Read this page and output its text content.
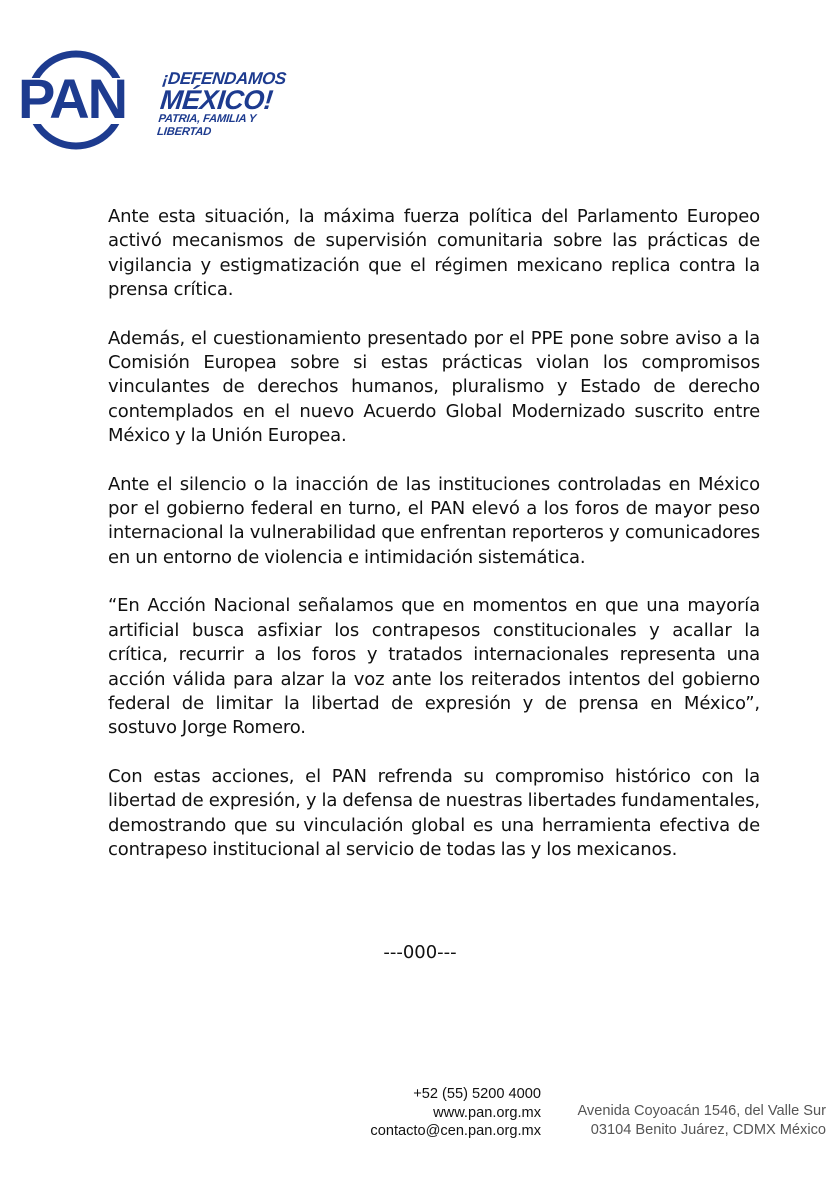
PAN ¡DEFENDAMOS
MÉXICO!
PATRIA, FAMILIA Y LIBERTAD

Ante esta situación, la máxima fuerza política del Parlamento Europeo activó mecanismos de supervisión comunitaria sobre las prácticas de vigilancia y estigmatización que el régimen mexicano replica contra la prensa crítica.

Además, el cuestionamiento presentado por el PPE pone sobre aviso a la Comisión Europea sobre si estas prácticas violan los compromisos vinculantes de derechos humanos, pluralismo y Estado de derecho contemplados en el nuevo Acuerdo Global Modernizado suscrito entre México y la Unión Europea.

Ante el silencio o la inacción de las instituciones controladas en México por el gobierno federal en turno, el PAN elevó a los foros de mayor peso internacional la vulnerabilidad que enfrentan reporteros y comunicadores en un entorno de violencia e intimidación sistemática.

“En Acción Nacional señalamos que en momentos en que una mayoría artificial busca asfixiar los contrapesos constitucionales y acallar la crítica, recurrir a los foros y tratados internacionales representa una acción válida para alzar la voz ante los reiterados intentos del gobierno federal de limitar la libertad de expresión y de prensa en México”, sostuvo Jorge Romero.

Con estas acciones, el PAN refrenda su compromiso histórico con la libertad de expresión, y la defensa de nuestras libertades fundamentales, demostrando que su vinculación global es una herramienta efectiva de contrapeso institucional al servicio de todas las y los mexicanos.

---000---
+52 (55) 5200 4000
www.pan.org.mx
contacto@cen.pan.org.mx
Avenida Coyoacán 1546, del Valle Sur
03104 Benito Juárez, CDMX México
